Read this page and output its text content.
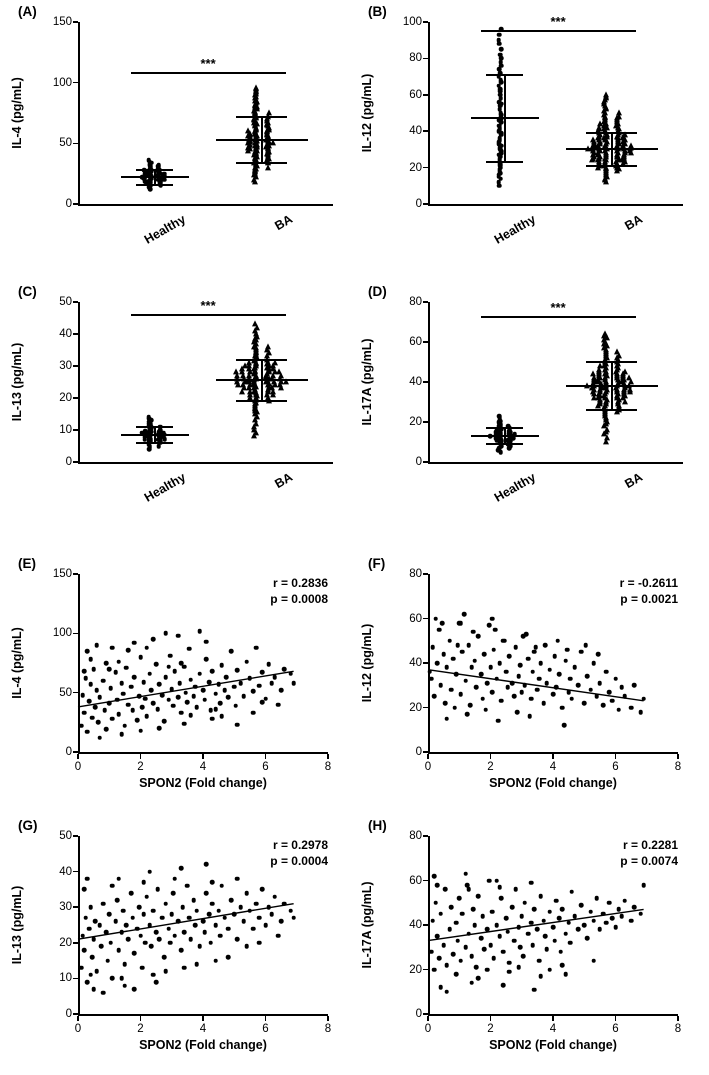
(A)
0
50
100
150
IL-4 (pg/mL)
Healthy	BA
***
(B)
0
20
40
60
80
100
IL-12 (pg/mL)
Healthy	BA
***
(C)
0
10
20
30
40
50
IL-13 (pg/mL)
Healthy	BA
***
(D)
0
20
40
60
80
IL-17A (pg/mL)
Healthy	BA
***
(E)
0
50
100
150
0	2	4	6	8
IL-4 (pg/mL)
SPON2 (Fold change)
r = 0.2836
p = 0.0008
(F)
0
20
40
60
80
0	2	4	6	8
IL-12 (pg/mL)
SPON2 (Fold change)
r = -0.2611
p = 0.0021
(G)
0
10
20
30
40
50
0	2	4	6	8
IL-13 (pg/mL)
SPON2 (Fold change)
r = 0.2978
p = 0.0004
(H)
0
20
40
60
80
0	2	4	6	8
IL-17A (pg/mL)
SPON2 (Fold change)
r = 0.2281
p = 0.0074
